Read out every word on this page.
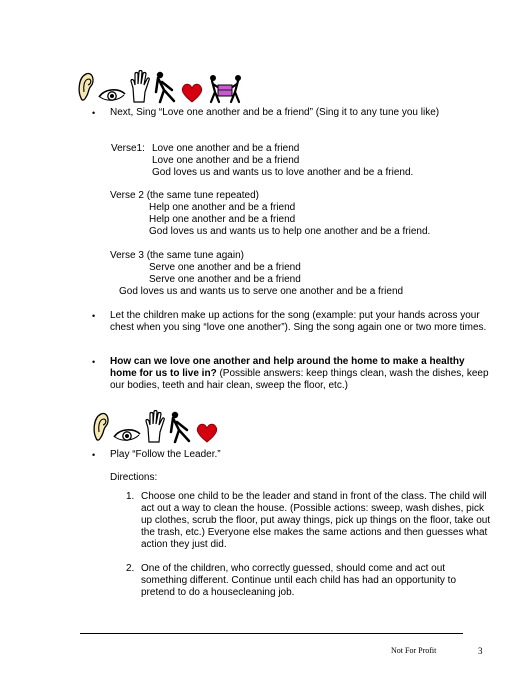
• Next, Sing “Love one another and be a friend” (Sing it to any tune you like)
Verse1: Love one another and be a friend
Love one another and be a friend
God loves us and wants us to love another and be a friend.
Verse 2 (the same tune repeated)
Help one another and be a friend
Help one another and be a friend
God loves us and wants us to help one another and be a friend.
Verse 3 (the same tune again)
Serve one another and be a friend
Serve one another and be a friend
God loves us and wants us to serve one another and be a friend
• Let the children make up actions for the song (example: put your hands across your chest when you sing “love one another”). Sing the song again one or two more times.
• How can we love one another and help around the home to make a healthy home for us to live in? (Possible answers: keep things clean, wash the dishes, keep our bodies, teeth and hair clean, sweep the floor, etc.)
• Play “Follow the Leader.”
Directions:
1. Choose one child to be the leader and stand in front of the class. The child will act out a way to clean the house. (Possible actions: sweep, wash dishes, pick up clothes, scrub the floor, put away things, pick up things on the floor, take out the trash, etc.) Everyone else makes the same actions and then guesses what action they just did.
2. One of the children, who correctly guessed, should come and act out something different. Continue until each child has had an opportunity to pretend to do a housecleaning job.
Not For Profit	3
